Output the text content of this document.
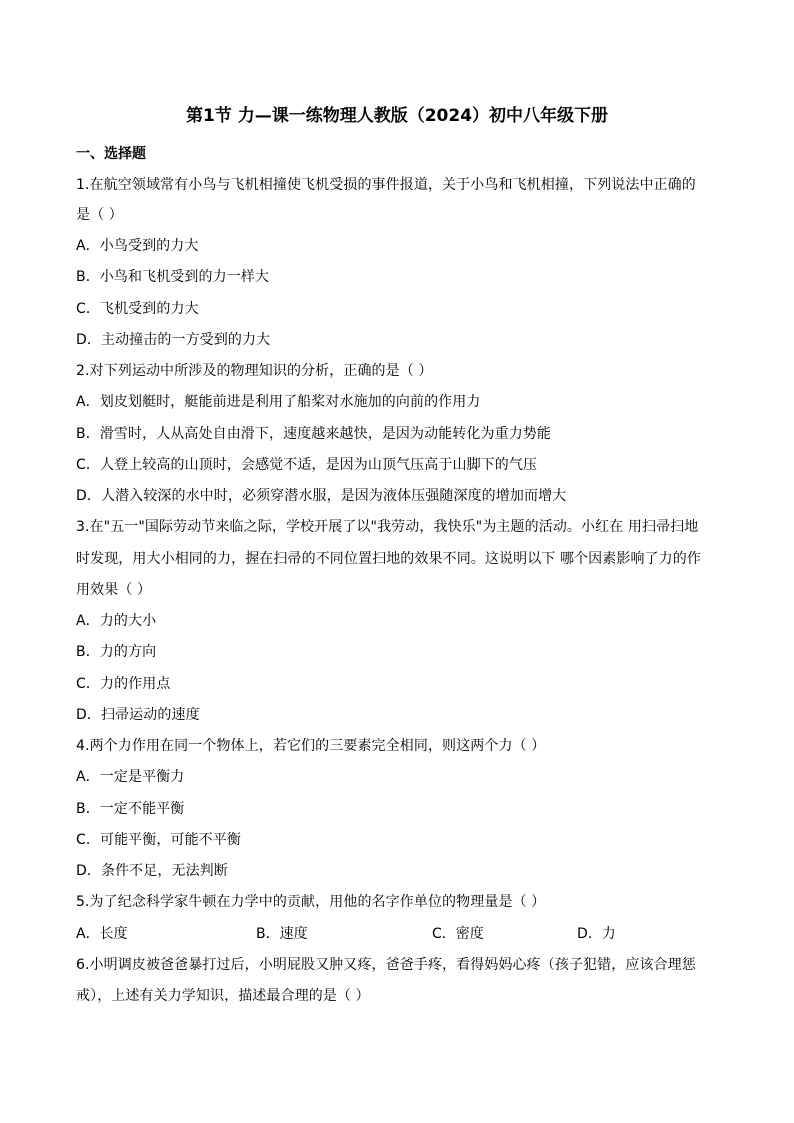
第1节 力—课一练物理人教版（2024）初中八年级下册
一、选择题
1.在航空领域常有小鸟与飞机相撞使飞机受损的事件报道，关于小鸟和飞机相撞，下列说法中正确的
是（ ）
A．小鸟受到的力大
B．小鸟和飞机受到的力一样大
C．飞机受到的力大
D．主动撞击的一方受到的力大
2.对下列运动中所涉及的物理知识的分析，正确的是（ ）
A．划皮划艇时，艇能前进是利用了船桨对水施加的向前的作用力
B．滑雪时，人从高处自由滑下，速度越来越快，是因为动能转化为重力势能
C．人登上较高的山顶时，会感觉不适，是因为山顶气压高于山脚下的气压
D．人潜入较深的水中时，必须穿潜水服，是因为液体压强随深度的增加而增大
3.在"五一"国际劳动节来临之际，学校开展了以"我劳动，我快乐"为主题的活动。小红在 用扫帚扫地
时发现，用大小相同的力，握在扫帚的不同位置扫地的效果不同。这说明以下 哪个因素影响了力的作
用效果（ ）
A．力的大小
B．力的方向
C．力的作用点
D．扫帚运动的速度
4.两个力作用在同一个物体上，若它们的三要素完全相同，则这两个力（ ）
A．一定是平衡力
B．一定不能平衡
C．可能平衡，可能不平衡
D．条件不足，无法判断
5.为了纪念科学家牛顿在力学中的贡献，用他的名字作单位的物理量是（ ）
A．长度	B．速度	C．密度	D．力
6.小明调皮被爸爸暴打过后，小明屁股又肿又疼，爸爸手疼，看得妈妈心疼（孩子犯错，应该合理惩
戒），上述有关力学知识，描述最合理的是（ ）
